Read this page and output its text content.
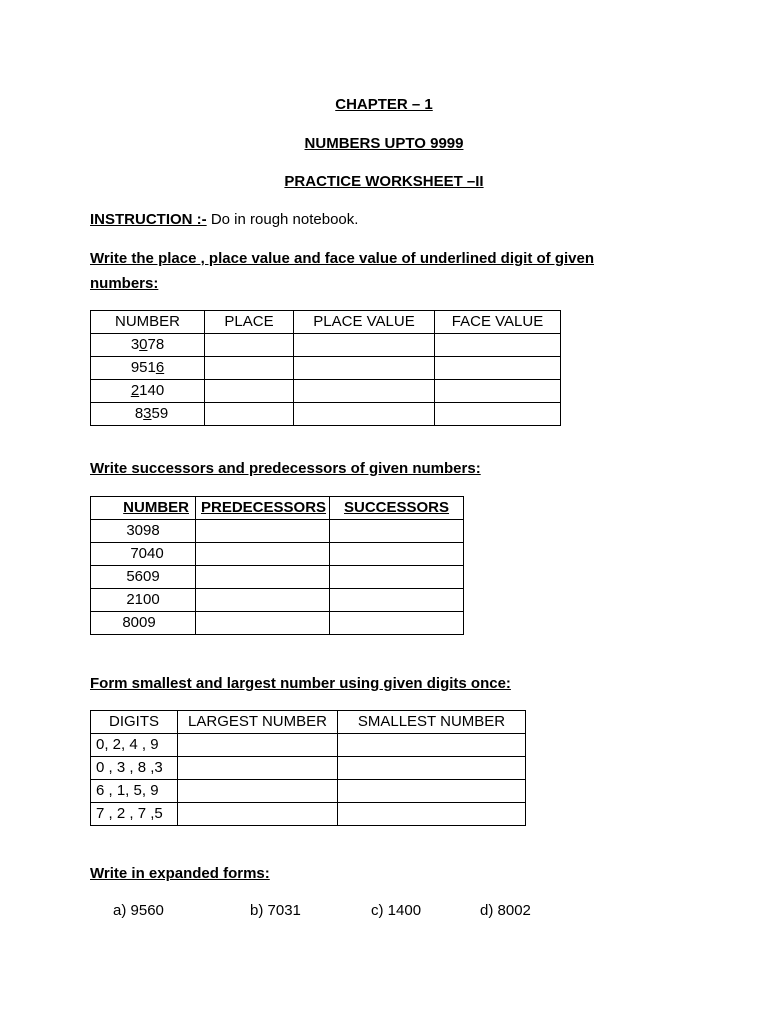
CHAPTER – 1
NUMBERS UPTO 9999
PRACTICE WORKSHEET –II
INSTRUCTION :- Do in rough notebook.
Write the place , place value and face value of underlined digit of given
numbers:
NUMBER	PLACE	PLACE VALUE	FACE VALUE
3078			
9516			
2140			
8359			
Write successors and predecessors of given numbers:
NUMBER	PREDECESSORS	SUCCESSORS
3098		
7040		
5609		
2100		
8009		
Form smallest and largest number using given digits once:
DIGITS	LARGEST NUMBER	SMALLEST NUMBER
0, 2, 4 , 9		
0 , 3 , 8 ,3		
6 , 1, 5, 9		
7 , 2 , 7 ,5		
Write in expanded forms:
a) 9560	b) 7031	c) 1400	d) 8002
